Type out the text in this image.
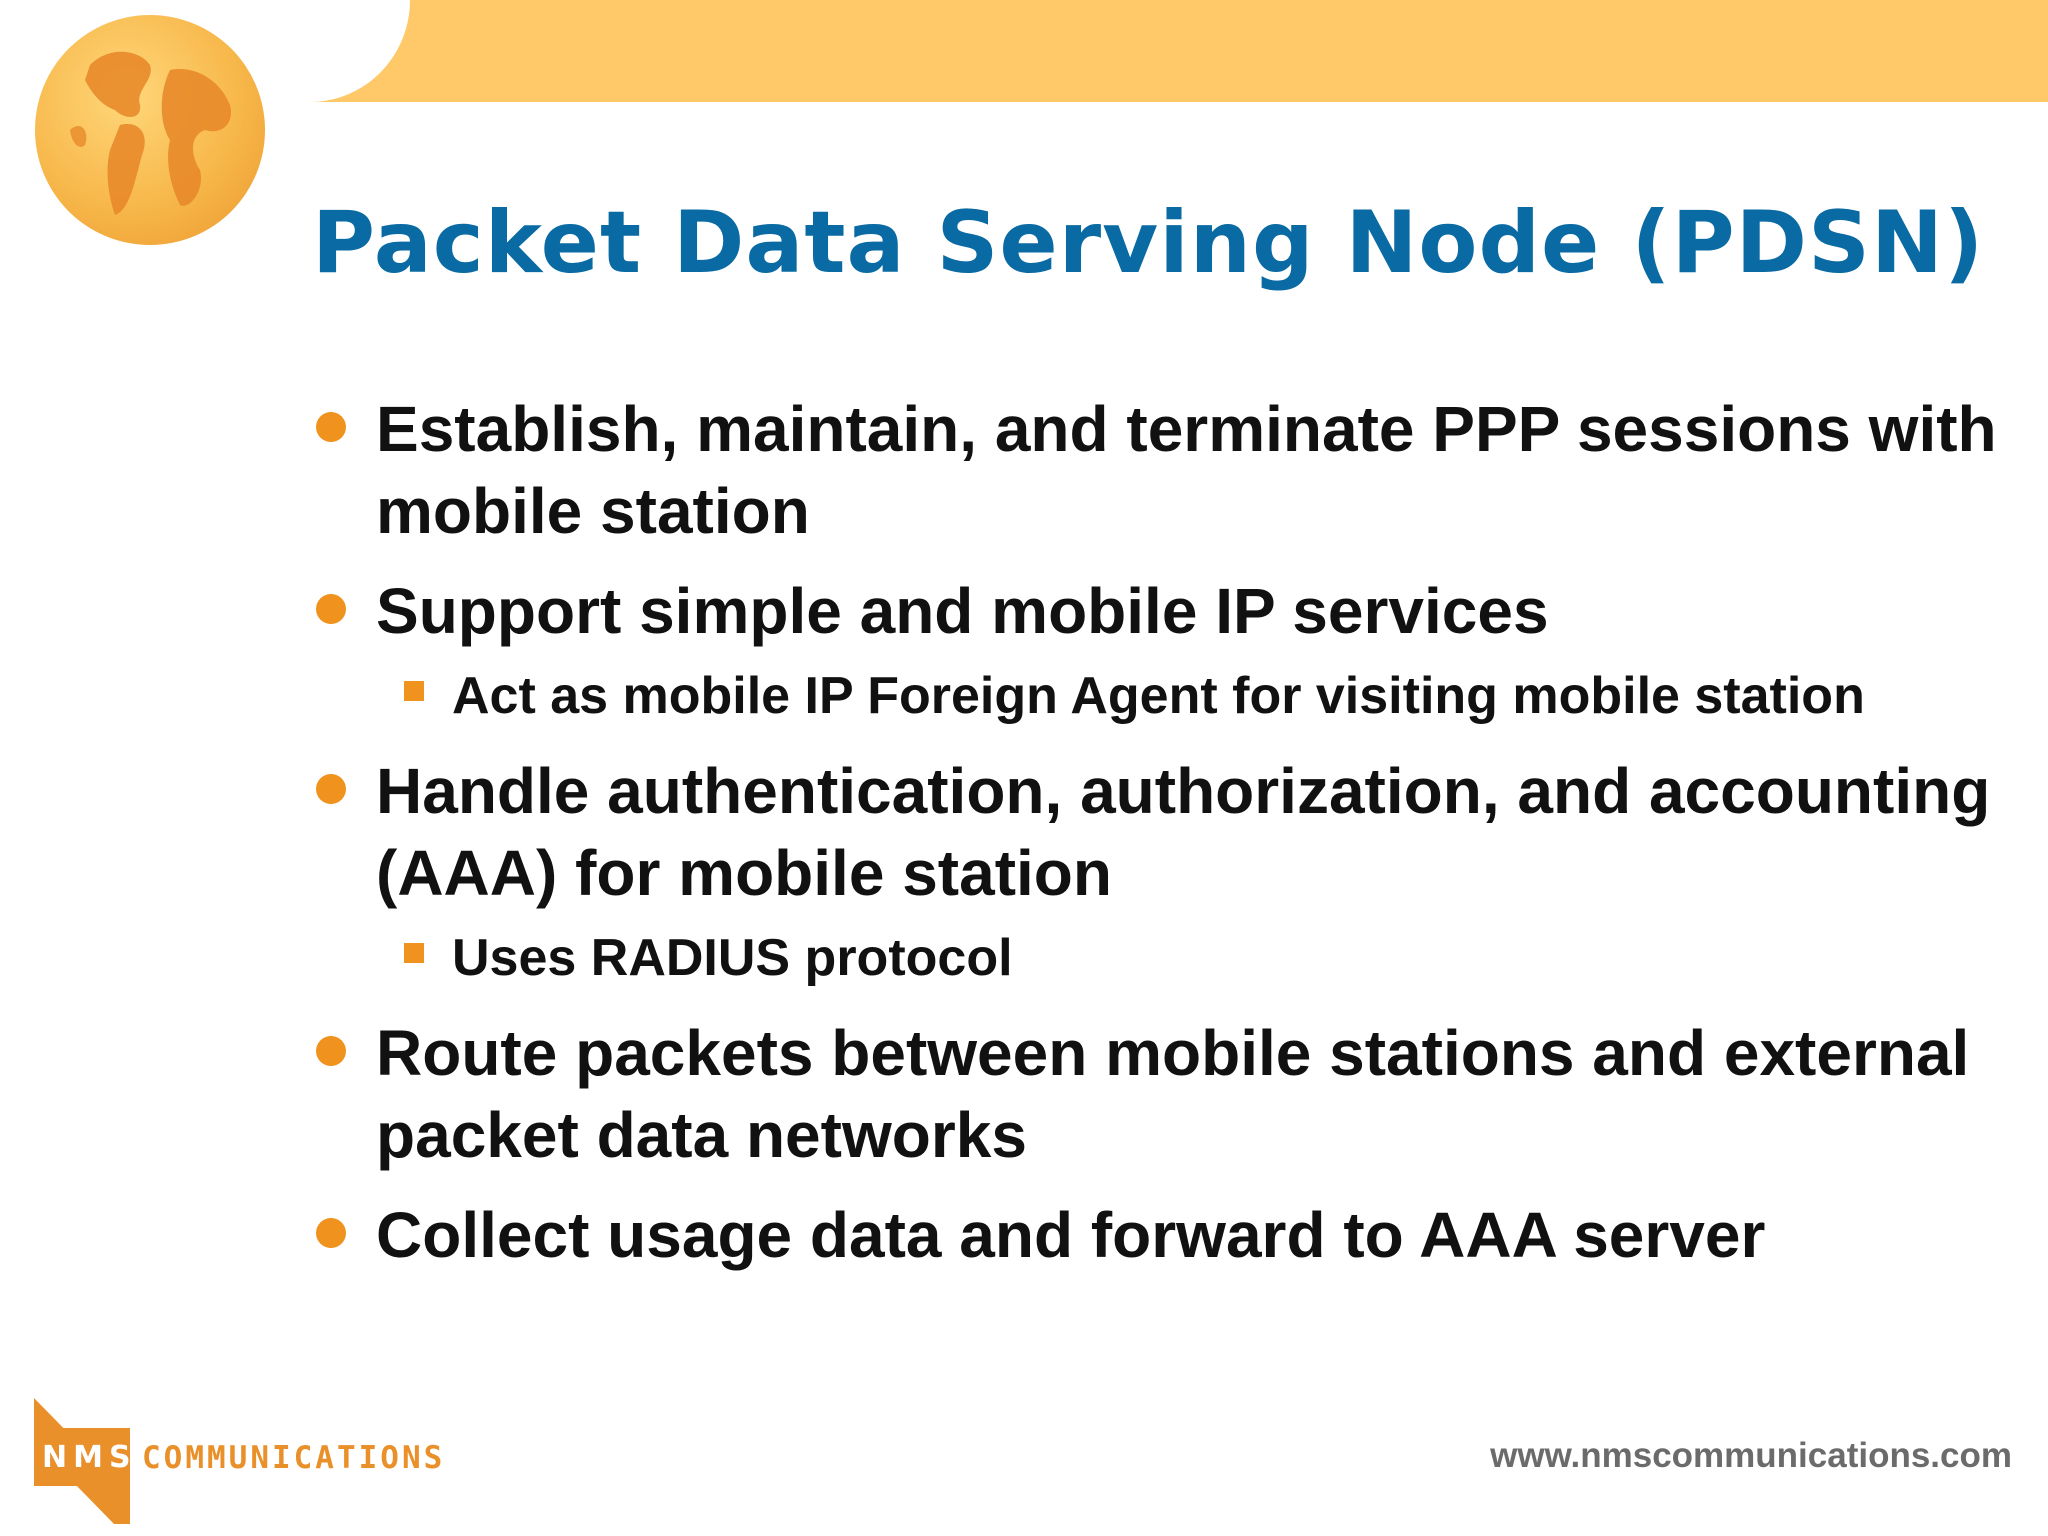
Packet Data Serving Node (PDSN)
Establish, maintain, and terminate PPP sessions with mobile station
Support simple and mobile IP services
Act as mobile IP Foreign Agent for visiting mobile station
Handle authentication, authorization, and accounting (AAA) for mobile station
Uses RADIUS protocol
Route packets between mobile stations and external packet data networks
Collect usage data and forward to AAA server
NMS COMMUNICATIONS	www.nmscommunications.com
